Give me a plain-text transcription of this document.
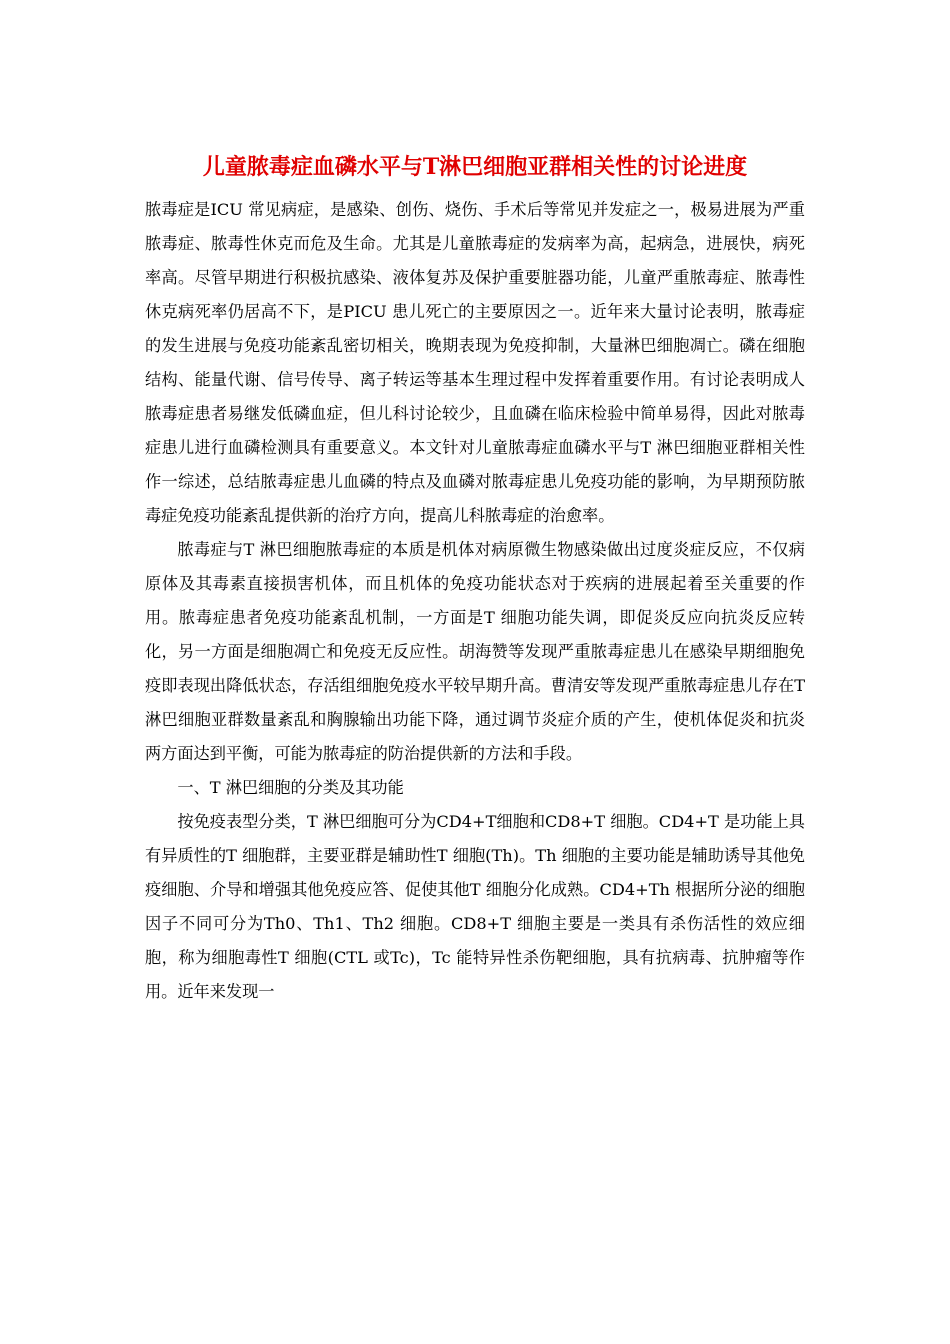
儿童脓毒症血磷水平与T淋巴细胞亚群相关性的讨论进度

脓毒症是ICU 常见病症，是感染、创伤、烧伤、手术后等常见并发症之一，极易进展为严重脓毒症、脓毒性休克而危及生命。尤其是儿童脓毒症的发病率为高，起病急，进展快，病死率高。尽管早期进行积极抗感染、液体复苏及保护重要脏器功能，儿童严重脓毒症、脓毒性休克病死率仍居高不下，是PICU 患儿死亡的主要原因之一。近年来大量讨论表明，脓毒症的发生进展与免疫功能紊乱密切相关，晚期表现为免疫抑制，大量淋巴细胞凋亡。磷在细胞结构、能量代谢、信号传导、离子转运等基本生理过程中发挥着重要作用。有讨论表明成人脓毒症患者易继发低磷血症，但儿科讨论较少，且血磷在临床检验中简单易得，因此对脓毒症患儿进行血磷检测具有重要意义。本文针对儿童脓毒症血磷水平与T 淋巴细胞亚群相关性作一综述，总结脓毒症患儿血磷的特点及血磷对脓毒症患儿免疫功能的影响，为早期预防脓毒症免疫功能紊乱提供新的治疗方向，提高儿科脓毒症的治愈率。

脓毒症与T 淋巴细胞脓毒症的本质是机体对病原微生物感染做出过度炎症反应，不仅病原体及其毒素直接损害机体，而且机体的免疫功能状态对于疾病的进展起着至关重要的作用。脓毒症患者免疫功能紊乱机制，一方面是T 细胞功能失调，即促炎反应向抗炎反应转化，另一方面是细胞凋亡和免疫无反应性。胡海赞等发现严重脓毒症患儿在感染早期细胞免疫即表现出降低状态，存活组细胞免疫水平较早期升高。曹清安等发现严重脓毒症患儿存在T 淋巴细胞亚群数量紊乱和胸腺输出功能下降，通过调节炎症介质的产生，使机体促炎和抗炎两方面达到平衡，可能为脓毒症的防治提供新的方法和手段。

一、T 淋巴细胞的分类及其功能

按免疫表型分类，T 淋巴细胞可分为CD4+T细胞和CD8+T 细胞。CD4+T 是功能上具有异质性的T 细胞群，主要亚群是辅助性T 细胞(Th)。Th 细胞的主要功能是辅助诱导其他免疫细胞、介导和增强其他免疫应答、促使其他T 细胞分化成熟。CD4+Th 根据所分泌的细胞因子不同可分为Th0、Th1、Th2 细胞。CD8+T 细胞主要是一类具有杀伤活性的效应细胞，称为细胞毒性T 细胞(CTL 或Tc)，Tc 能特异性杀伤靶细胞，具有抗病毒、抗肿瘤等作用。近年来发现一
